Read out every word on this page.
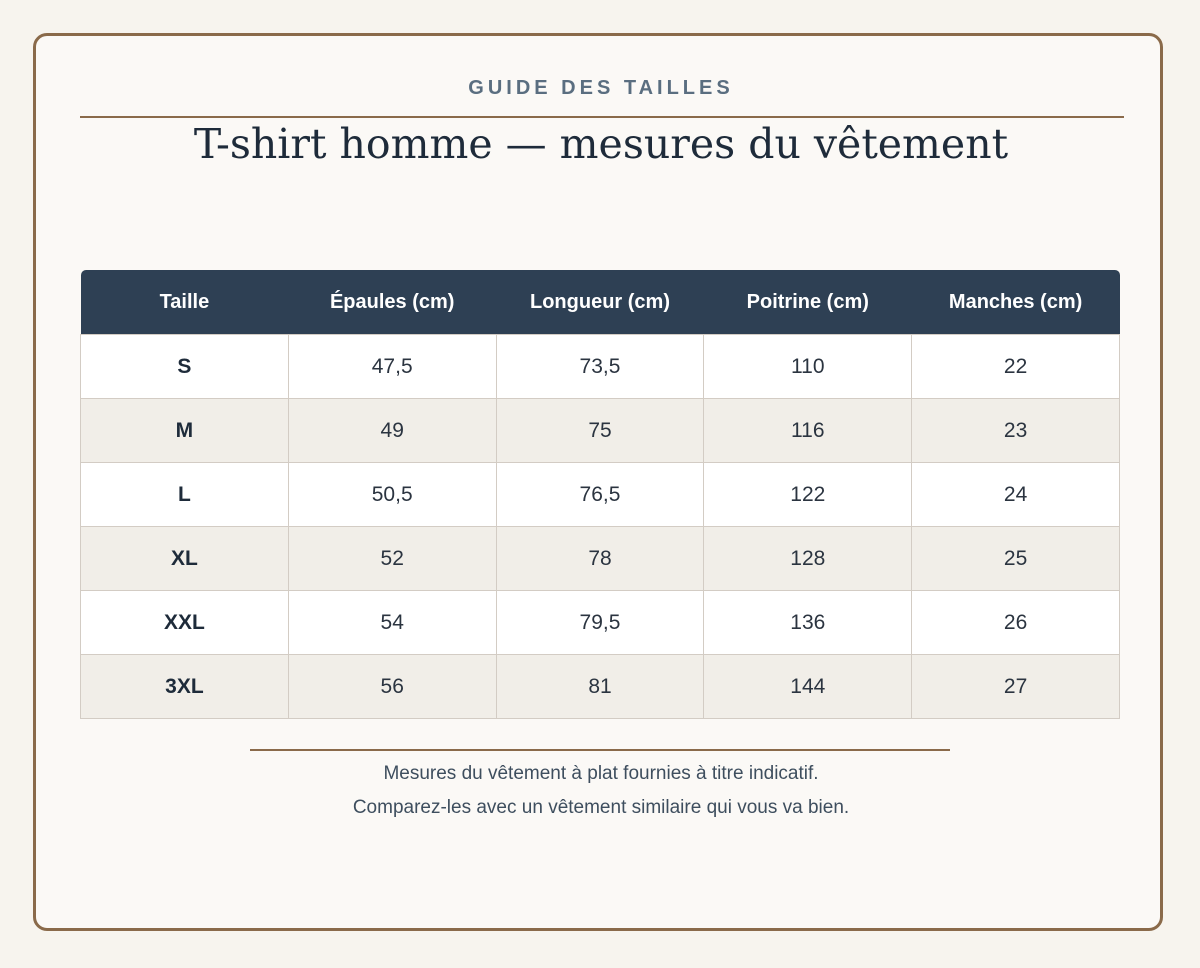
GUIDE DES TAILLES

T-shirt homme — mesures du vêtement
Taille	Épaules (cm)	Longueur (cm)	Poitrine (cm)	Manches (cm)
S	47,5	73,5	110	22
M	49	75	116	23
L	50,5	76,5	122	24
XL	52	78	128	25
XXL	54	79,5	136	26
3XL	56	81	144	27

Mesures du vêtement à plat fournies à titre indicatif.

Comparez-les avec un vêtement similaire qui vous va bien.
